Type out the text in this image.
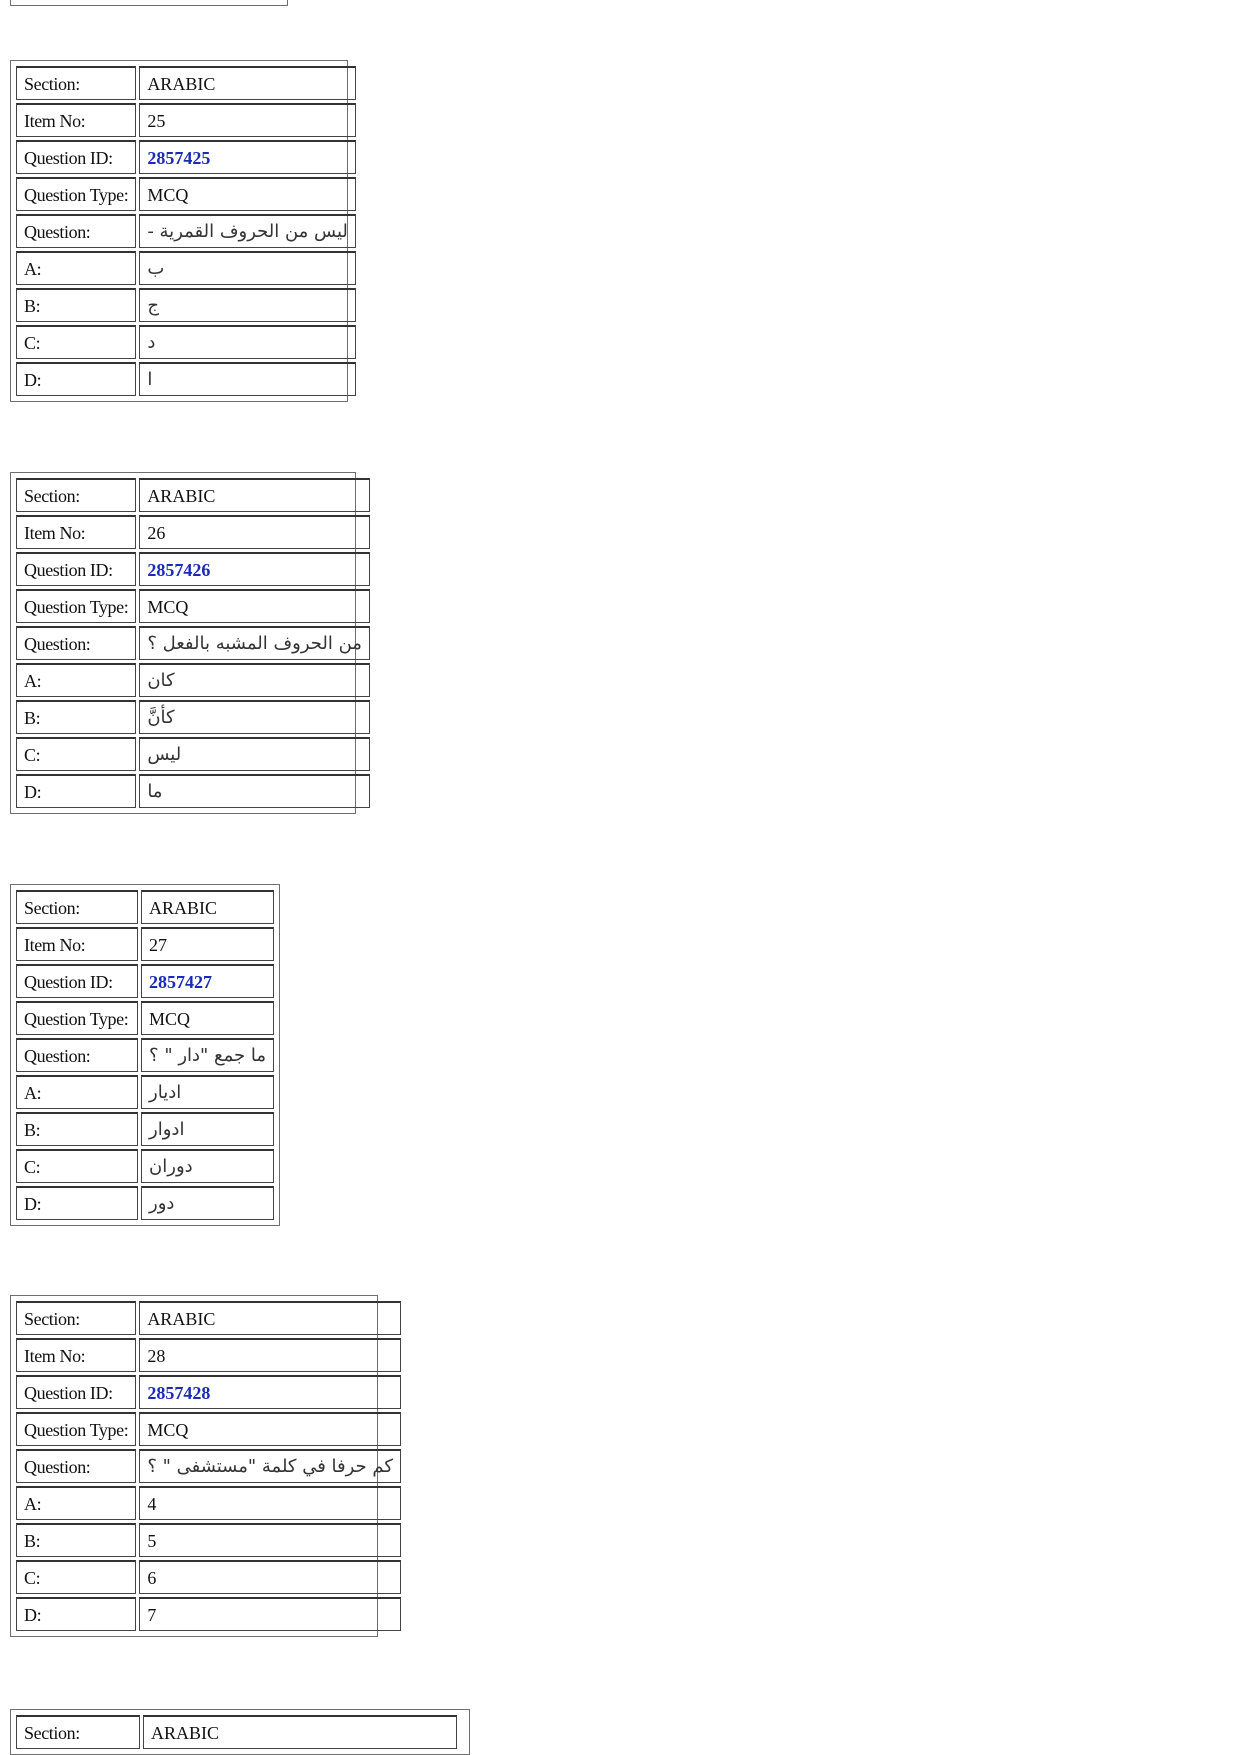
Section:	ARABIC
Item No:	25
Question ID:	2857425
Question Type:	MCQ
Question:	ليس من الحروف القمرية -
A:	ب
B:	ج
C:	د
D:	ا
Section:	ARABIC
Item No:	26
Question ID:	2857426
Question Type:	MCQ
Question:	من الحروف المشبه بالفعل ؟
A:	كان
B:	كأنَّ
C:	ليس
D:	ما
Section:	ARABIC
Item No:	27
Question ID:	2857427
Question Type:	MCQ
Question:	ما جمع "دار " ؟
A:	اديار
B:	ادوار
C:	دوران
D:	دور
Section:	ARABIC
Item No:	28
Question ID:	2857428
Question Type:	MCQ
Question:	كم حرفا في كلمة "مستشفى " ؟
A:	4
B:	5
C:	6
D:	7
Section:	ARABIC
